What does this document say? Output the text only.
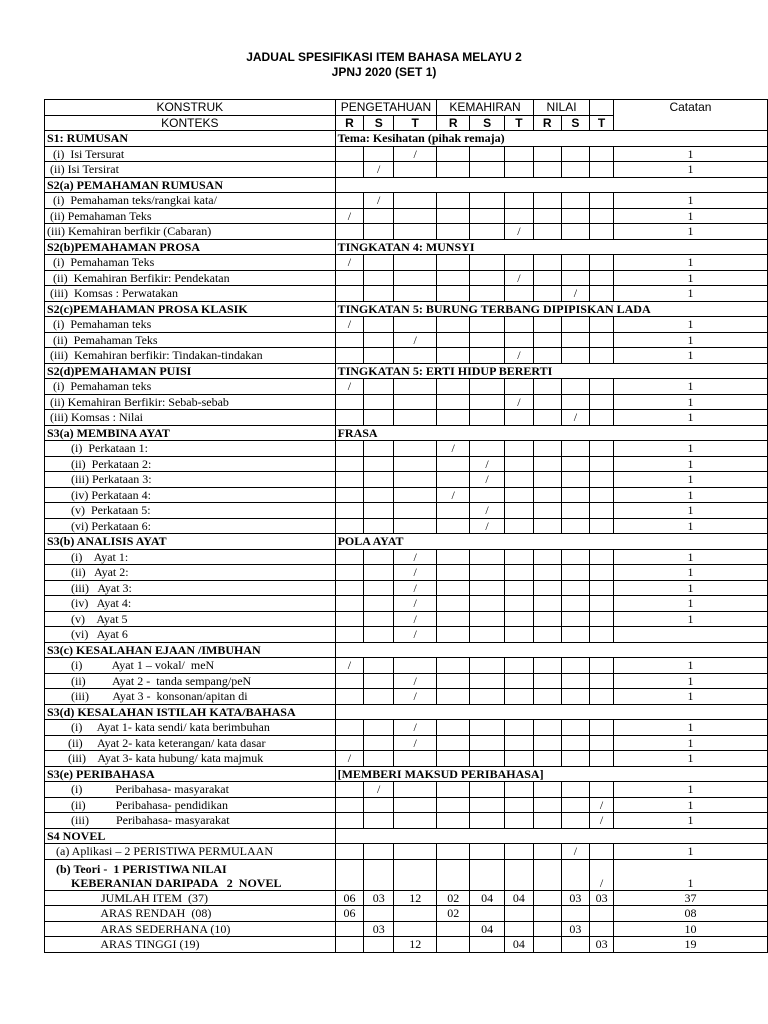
JADUAL SPESIFIKASI ITEM BAHASA MELAYU 2
JPNJ 2020 (SET 1)
KONSTRUK	PENGETAHUAN			KEMAHIRAN			NILAI			Catatan
KONTEKS	R	S	T	R	S	T	R	S	T	
S1: RUMUSAN	Tema: Kesihatan (pihak remaja)									
(i)  Isi Tersurat			/							1
(ii) Isi Tersirat		/								1
S2(a) PEMAHAMAN RUMUSAN										
(i)  Pemahaman teks/rangkai kata/		/								1
(ii) Pemahaman Teks	/									1
(iii) Kemahiran berfikir (Cabaran)						/				1
S2(b)PEMAHAMAN PROSA	TINGKATAN 4: MUNSYI									
(i)  Pemahaman Teks	/									1
(ii)  Kemahiran Berfikir: Pendekatan						/				1
(iii)  Komsas : Perwatakan								/		1
S2(c)PEMAHAMAN PROSA KLASIK	TINGKATAN 5: BURUNG TERBANG DIPIPISKAN LADA									
(i)  Pemahaman teks	/									1
(ii)  Pemahaman Teks			/							1
(iii)  Kemahiran berfikir: Tindakan-tindakan						/				1
S2(d)PEMAHAMAN PUISI	TINGKATAN 5: ERTI HIDUP BERERTI									
(i)  Pemahaman teks	/									1
(ii) Kemahiran Berfikir: Sebab-sebab						/				1
(iii) Komsas : Nilai								/		1
S3(a) MEMBINA AYAT	FRASA									
(i)  Perkataan 1:				/						1
(ii)  Perkataan 2:					/					1
(iii) Perkataan 3:					/					1
(iv) Perkataan 4:				/						1
(v)  Perkataan 5:					/					1
(vi) Perkataan 6:					/					1
S3(b) ANALISIS AYAT	POLA AYAT									
(i)    Ayat 1:			/							1
(ii)   Ayat 2:			/							1
(iii)   Ayat 3:			/							1
(iv)   Ayat 4:			/							1
(v)    Ayat 5			/							1
(vi)   Ayat 6			/							
S3(c) KESALAHAN EJAAN /IMBUHAN										
(i)          Ayat 1 – vokal/  meN	/									1
(ii)         Ayat 2 -  tanda sempang/peN			/							1
(iii)        Ayat 3 -  konsonan/apitan di			/							1
S3(d) KESALAHAN ISTILAH KATA/BAHASA										
(i)     Ayat 1- kata sendi/ kata berimbuhan			/							1
(ii)     Ayat 2- kata keterangan/ kata dasar			/							1
(iii)    Ayat 3- kata hubung/ kata majmuk	/									1
S3(e) PERIBAHASA	[MEMBERI MAKSUD PERIBAHASA]									
(i)           Peribahasa- masyarakat		/								1
(ii)          Peribahasa- pendidikan									/	1
(iii)         Peribahasa- masyarakat									/	1
S4 NOVEL										
(a) Aplikasi – 2 PERISTIWA PERMULAAN								/		1

(b) Teori -  1 PERISTIWA NILAI
KEBERANIAN DARIPADA   2  NOVEL									/	1
JUMLAH ITEM  (37)	06	03	12	02	04	04		03	03	37
ARAS RENDAH  (08)	06			02						08
ARAS SEDERHANA (10)		03			04			03		10
ARAS TINGGI (19)			12			04			03	19
